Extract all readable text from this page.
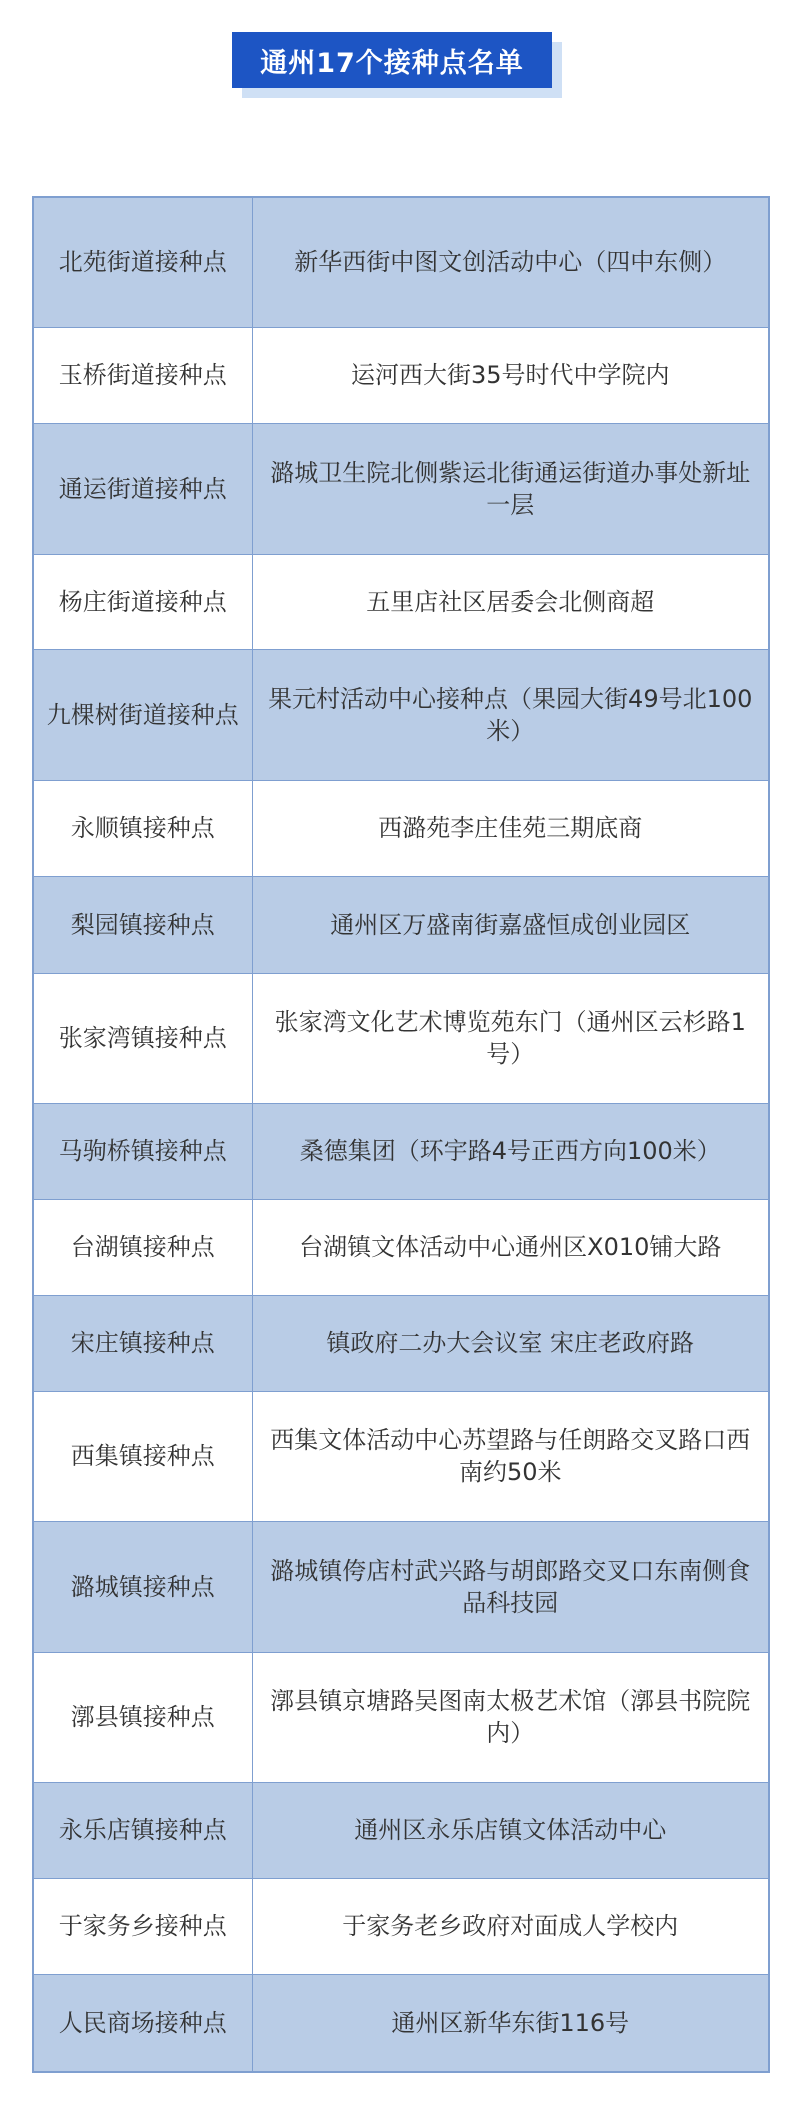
通州17个接种点名单
北苑街道接种点	新华西街中图文创活动中心（四中东侧）
玉桥街道接种点	运河西大街35号时代中学院内
通运街道接种点	潞城卫生院北侧紫运北街通运街道办事处新址一层
杨庄街道接种点	五里店社区居委会北侧商超
九棵树街道接种点	果元村活动中心接种点（果园大街49号北100米）
永顺镇接种点	西潞苑李庄佳苑三期底商
梨园镇接种点	通州区万盛南街嘉盛恒成创业园区
张家湾镇接种点	张家湾文化艺术博览苑东门（通州区云杉路1号）
马驹桥镇接种点	桑德集团（环宇路4号正西方向100米）
台湖镇接种点	台湖镇文体活动中心通州区X010铺大路
宋庄镇接种点	镇政府二办大会议室 宋庄老政府路
西集镇接种点	西集文体活动中心苏望路与任朗路交叉路口西南约50米
潞城镇接种点	潞城镇侉店村武兴路与胡郎路交叉口东南侧食品科技园
漷县镇接种点	漷县镇京塘路吴图南太极艺术馆（漷县书院院内）
永乐店镇接种点	通州区永乐店镇文体活动中心
于家务乡接种点	于家务老乡政府对面成人学校内
人民商场接种点	通州区新华东街116号
